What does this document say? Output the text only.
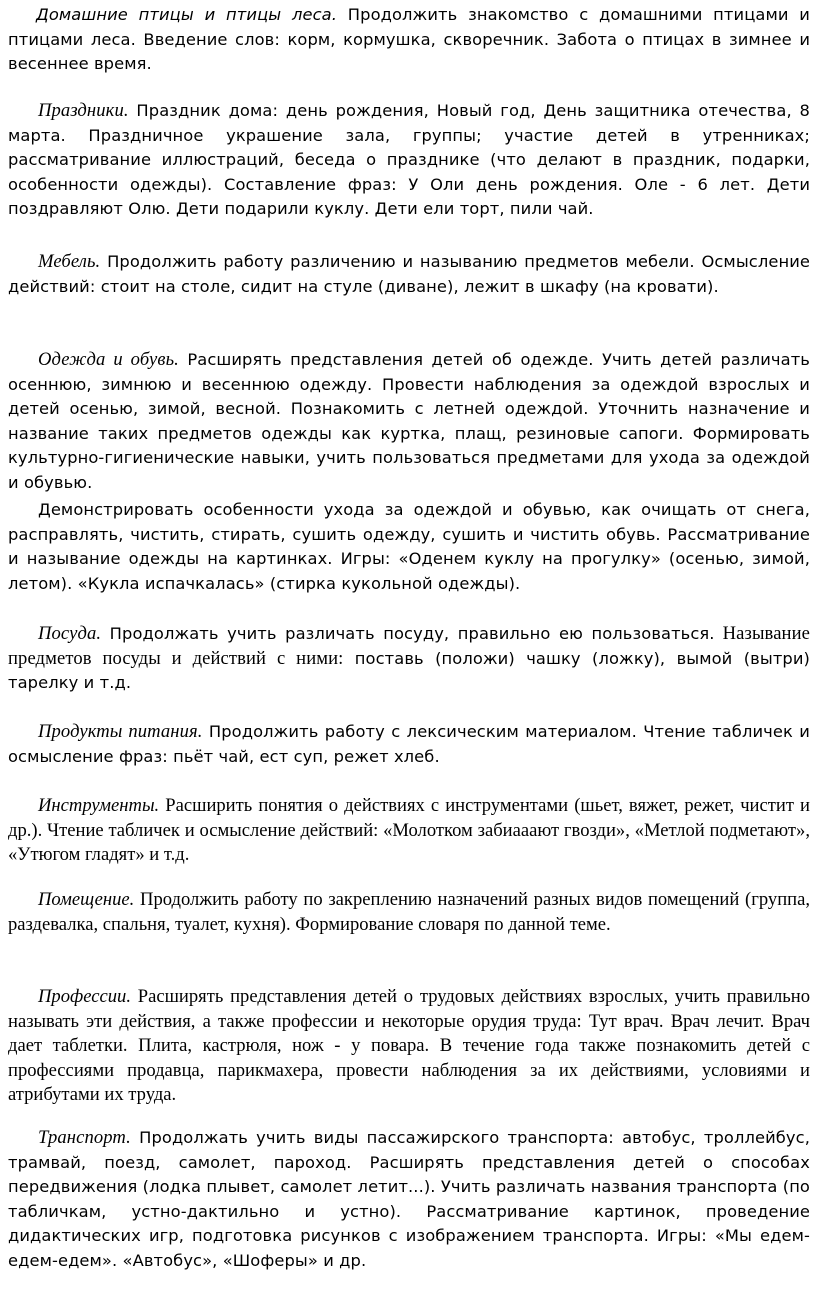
Домашние птицы и птицы леса. Продолжить знакомство с домашними птицами и птицами леса. Введение слов: корм, кормушка, скворечник. Забота о птицах в зимнее и весеннее время.

Праздники. Праздник дома: день рождения, Новый год, День защитника отечества, 8 марта. Праздничное украшение зала, группы; участие детей в утренниках; рассматривание иллюстраций, беседа о празднике (что делают в праздник, подарки, особенности одежды). Составление фраз: У Оли день рождения. Оле - 6 лет. Дети поздравляют Олю. Дети подарили куклу. Дети ели торт, пили чай.

Мебель. Продолжить работу различению и называнию предметов мебели. Осмысление действий: стоит на столе, сидит на стуле (диване), лежит в шкафу (на кровати).

Одежда и обувь. Расширять представления детей об одежде. Учить детей различать осеннюю, зимнюю и весеннюю одежду. Провести наблюдения за одеждой взрослых и детей осенью, зимой, весной. Познакомить с летней одеждой. Уточнить назначение и название таких предметов одежды как куртка, плащ, резиновые сапоги. Формировать культурно-гигиенические навыки, учить пользоваться предметами для ухода за одеждой и обувью.

Демонстрировать особенности ухода за одеждой и обувью, как очищать от снега, расправлять, чистить, стирать, сушить одежду, сушить и чистить обувь. Рассматривание и называние одежды на картинках. Игры: «Оденем куклу на прогулку» (осенью, зимой, летом). «Кукла испачкалась» (стирка кукольной одежды).

Посуда. Продолжать учить различать посуду, правильно ею пользоваться. Называние предметов посуды и действий с ними: поставь (положи) чашку (ложку), вымой (вытри) тарелку и т.д.

Продукты питания. Продолжить работу с лексическим материалом. Чтение табличек и осмысление фраз: пьёт чай, ест суп, режет хлеб.

Инструменты. Расширить понятия о действиях с инструментами (шьет, вяжет, режет, чистит и др.). Чтение табличек и осмысление действий: «Молотком забиааают гвозди», «Метлой подметают», «Утюгом гладят» и т.д.

Помещение. Продолжить работу по закреплению назначений разных видов помещений (группа, раздевалка, спальня, туалет, кухня). Формирование словаря по данной теме.

Профессии. Расширять представления детей о трудовых действиях взрослых, учить правильно называть эти действия, а также профессии и некоторые орудия труда: Тут врач. Врач лечит. Врач дает таблетки. Плита, кастрюля, нож - у повара. В течение года также познакомить детей с профессиями продавца, парикмахера, провести наблюдения за их действиями, условиями и атрибутами их труда.

Транспорт. Продолжать учить виды пассажирского транспорта: автобус, троллейбус, трамвай, поезд, самолет, пароход. Расширять представления детей о способах передвижения (лодка плывет, самолет летит...). Учить различать названия транспорта (по табличкам, устно-дактильно и устно). Рассматривание картинок, проведение дидактических игр, подготовка рисунков с изображением транспорта. Игры: «Мы едем-едем-едем». «Автобус», «Шоферы» и др.
